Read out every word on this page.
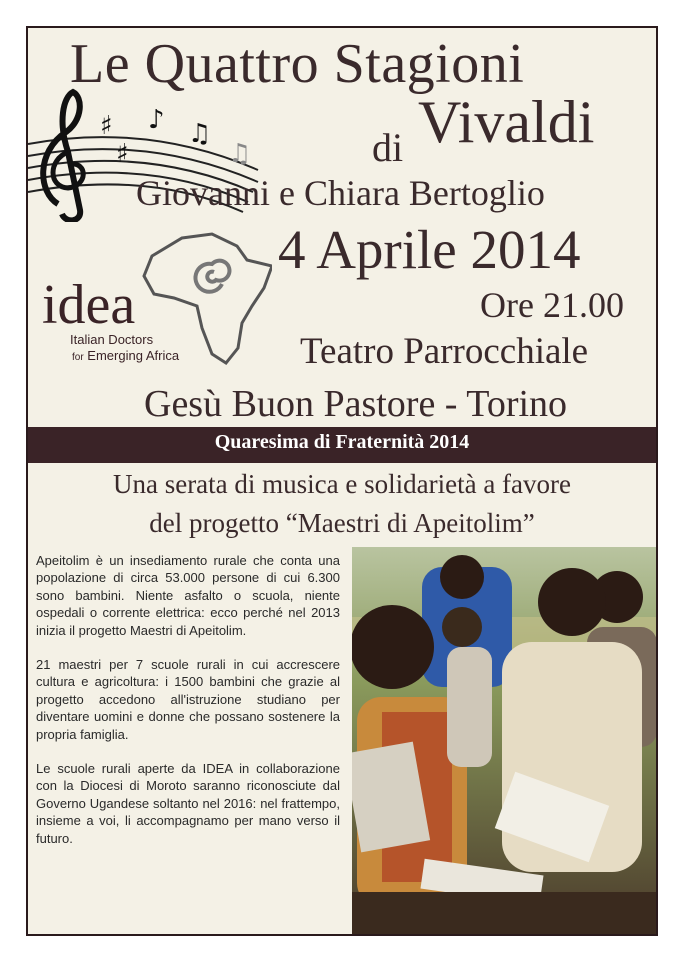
♯
♯
♪ ♫
♫
idea
Italian Doctors
for Emerging Africa
Le Quattro Stagioni
di Vivaldi
Giovanni e Chiara Bertoglio
4 Aprile 2014
Ore 21.00
Teatro Parrocchiale
Gesù Buon Pastore - Torino
Quaresima di Fraternità 2014
Una serata di musica e solidarietà a favore
del progetto “Maestri di Apeitolim”

Apeitolim è un insediamento rurale che conta una popolazione di circa 53.000 persone di cui 6.300 sono bambini. Niente asfalto o scuola, niente ospedali o corrente elettrica: ecco perché nel 2013 inizia il progetto Maestri di Apeitolim.

21 maestri per 7 scuole rurali in cui accrescere cultura e agricoltura: i 1500 bambini che grazie al progetto accedono all'istruzione studiano per diventare uomini e donne che possano sostenere la propria famiglia.

Le scuole rurali aperte da IDEA in collaborazione con la Diocesi di Moroto saranno riconosciute dal Governo Ugandese soltanto nel 2016: nel frattempo, insieme a voi, li accompagnamo per mano verso il futuro.
